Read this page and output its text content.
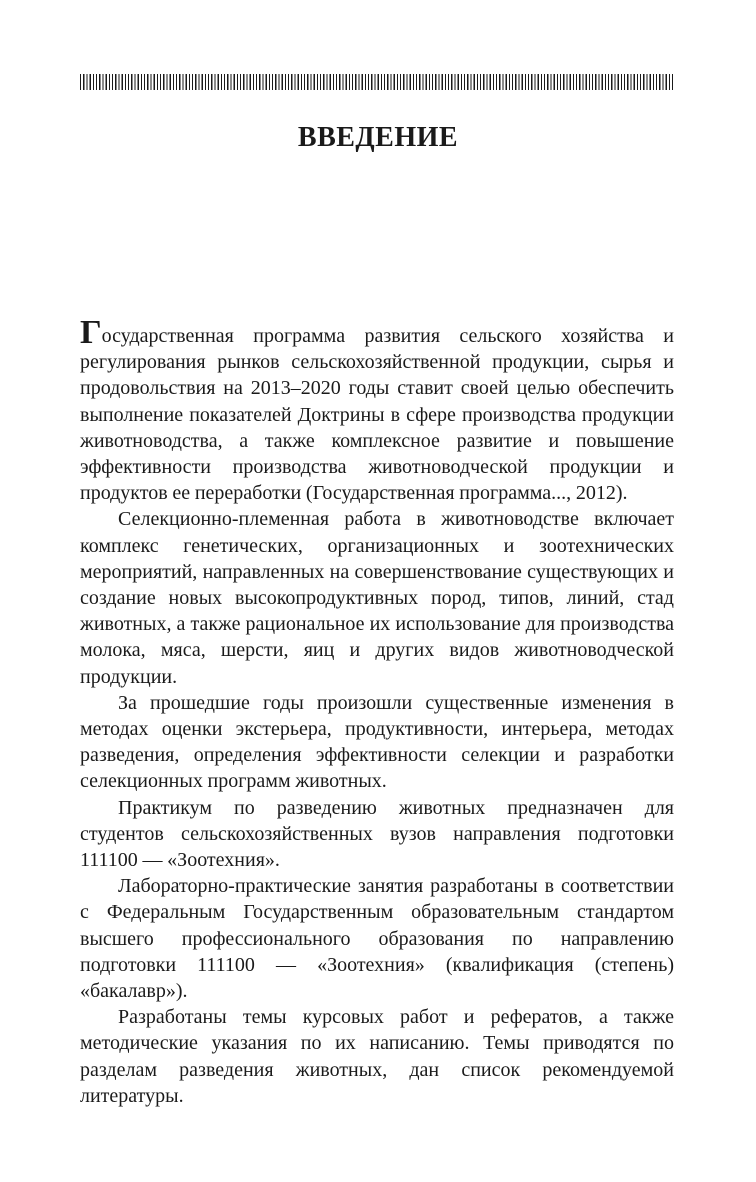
ВВЕДЕНИЕ

Государственная программа развития сельского хозяйства и регулирования рынков сельскохозяйственной продукции, сырья и продовольствия на 2013–2020 годы ставит своей целью обеспечить выполнение показателей Доктрины в сфере производства продукции животноводства, а также комплексное развитие и повышение эффективности производства животноводческой продукции и продуктов ее переработки (Государственная программа..., 2012).

Селекционно-племенная работа в животноводстве включает комплекс генетических, организационных и зоотехнических мероприятий, направленных на совершенствование существующих и создание новых высокопродуктивных пород, типов, линий, стад животных, а также рациональное их использование для производства молока, мяса, шерсти, яиц и других видов животноводческой продукции.

За прошедшие годы произошли существенные изменения в методах оценки экстерьера, продуктивности, интерьера, методах разведения, определения эффективности селекции и разработки селекционных программ животных.

Практикум по разведению животных предназначен для студентов сельскохозяйственных вузов направления подготовки 111100 — «Зоотехния».

Лабораторно-практические занятия разработаны в соответствии с Федеральным Государственным образовательным стандартом высшего профессионального образования по направлению подготовки 111100 — «Зоотехния» (квалификация (степень) «бакалавр»).

Разработаны темы курсовых работ и рефератов, а также методические указания по их написанию. Темы приводятся по разделам разведения животных, дан список рекомендуемой литературы.
